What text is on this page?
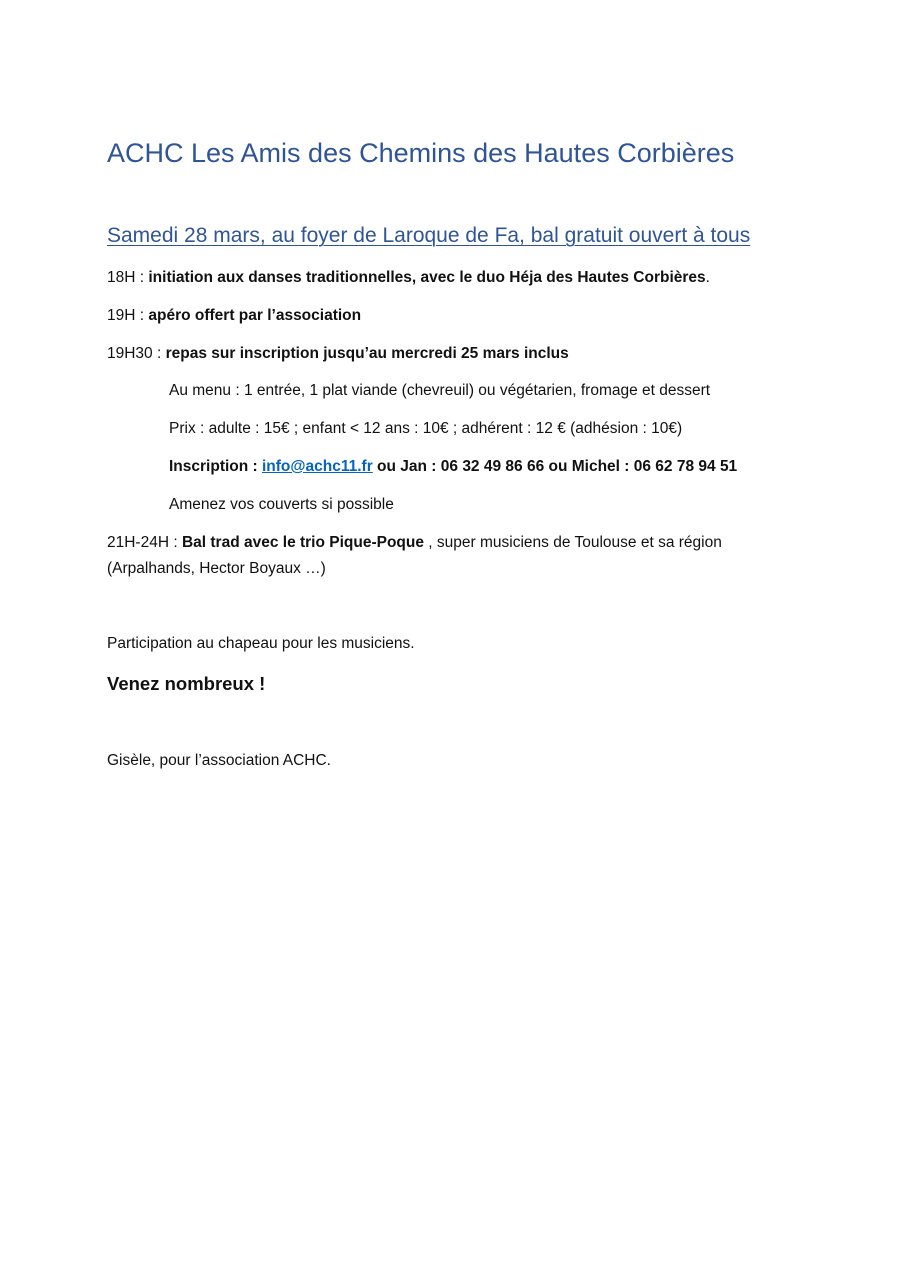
ACHC Les Amis des Chemins des Hautes Corbières
Samedi 28 mars, au foyer de Laroque de Fa, bal gratuit ouvert à tous

18H : initiation aux danses traditionnelles, avec le duo Héja des Hautes Corbières.

19H : apéro offert par l’association

19H30 : repas sur inscription jusqu’au mercredi 25 mars inclus

Au menu : 1 entrée, 1 plat viande (chevreuil) ou végétarien, fromage et dessert

Prix : adulte : 15€ ; enfant < 12 ans : 10€ ; adhérent : 12 € (adhésion : 10€)

Inscription : info@achc11.fr ou Jan : 06 32 49 86 66 ou Michel : 06 62 78 94 51

Amenez vos couverts si possible

21H-24H : Bal trad avec le trio Pique-Poque , super musiciens de Toulouse et sa région

(Arpalhands, Hector Boyaux …)

Participation au chapeau pour les musiciens.

Venez nombreux !

Gisèle, pour l’association ACHC.
